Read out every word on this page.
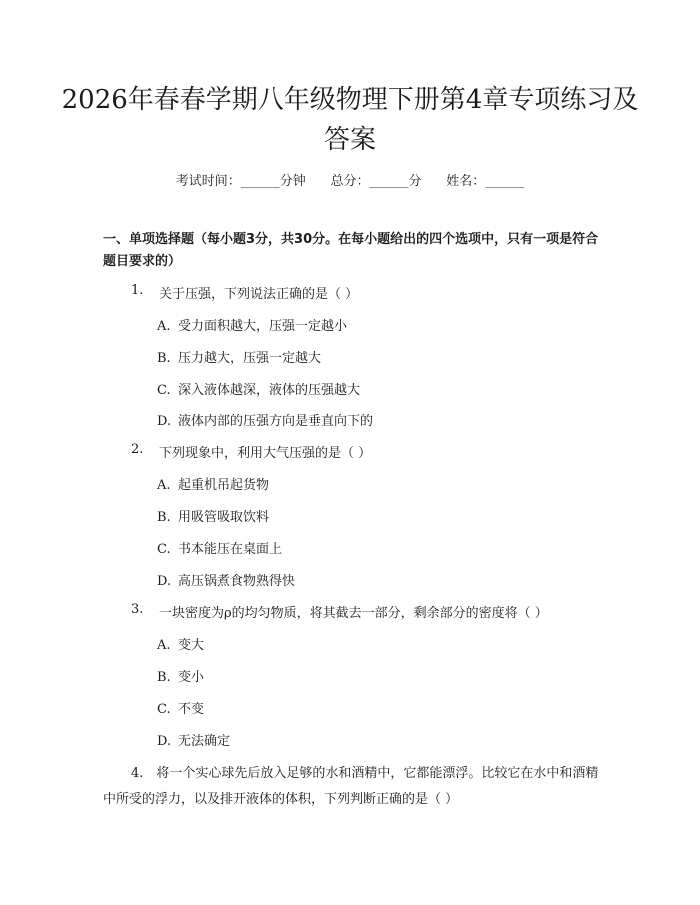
2026年春春学期八年级物理下册第4章专项练习及答案
考试时间：______分钟      总分：______分      姓名：______
一、单项选择题（每小题3分，共30分。在每小题给出的四个选项中，只有一项是符合题目要求的）
1. 关于压强，下列说法正确的是（ ）
A. 受力面积越大，压强一定越小
B. 压力越大，压强一定越大
C. 深入液体越深，液体的压强越大
D. 液体内部的压强方向是垂直向下的
2. 下列现象中，利用大气压强的是（ ）
A. 起重机吊起货物
B. 用吸管吸取饮料
C. 书本能压在桌面上
D. 高压锅煮食物熟得快
3. 一块密度为ρ的均匀物质，将其截去一部分，剩余部分的密度将（ ）
A. 变大
B. 变小
C. 不变
D. 无法确定
4.　 将一个实心球先后放入足够的水和酒精中，它都能漂浮。比较它在水中和酒精中所受的浮力，以及排开液体的体积，下列判断正确的是（ ）
